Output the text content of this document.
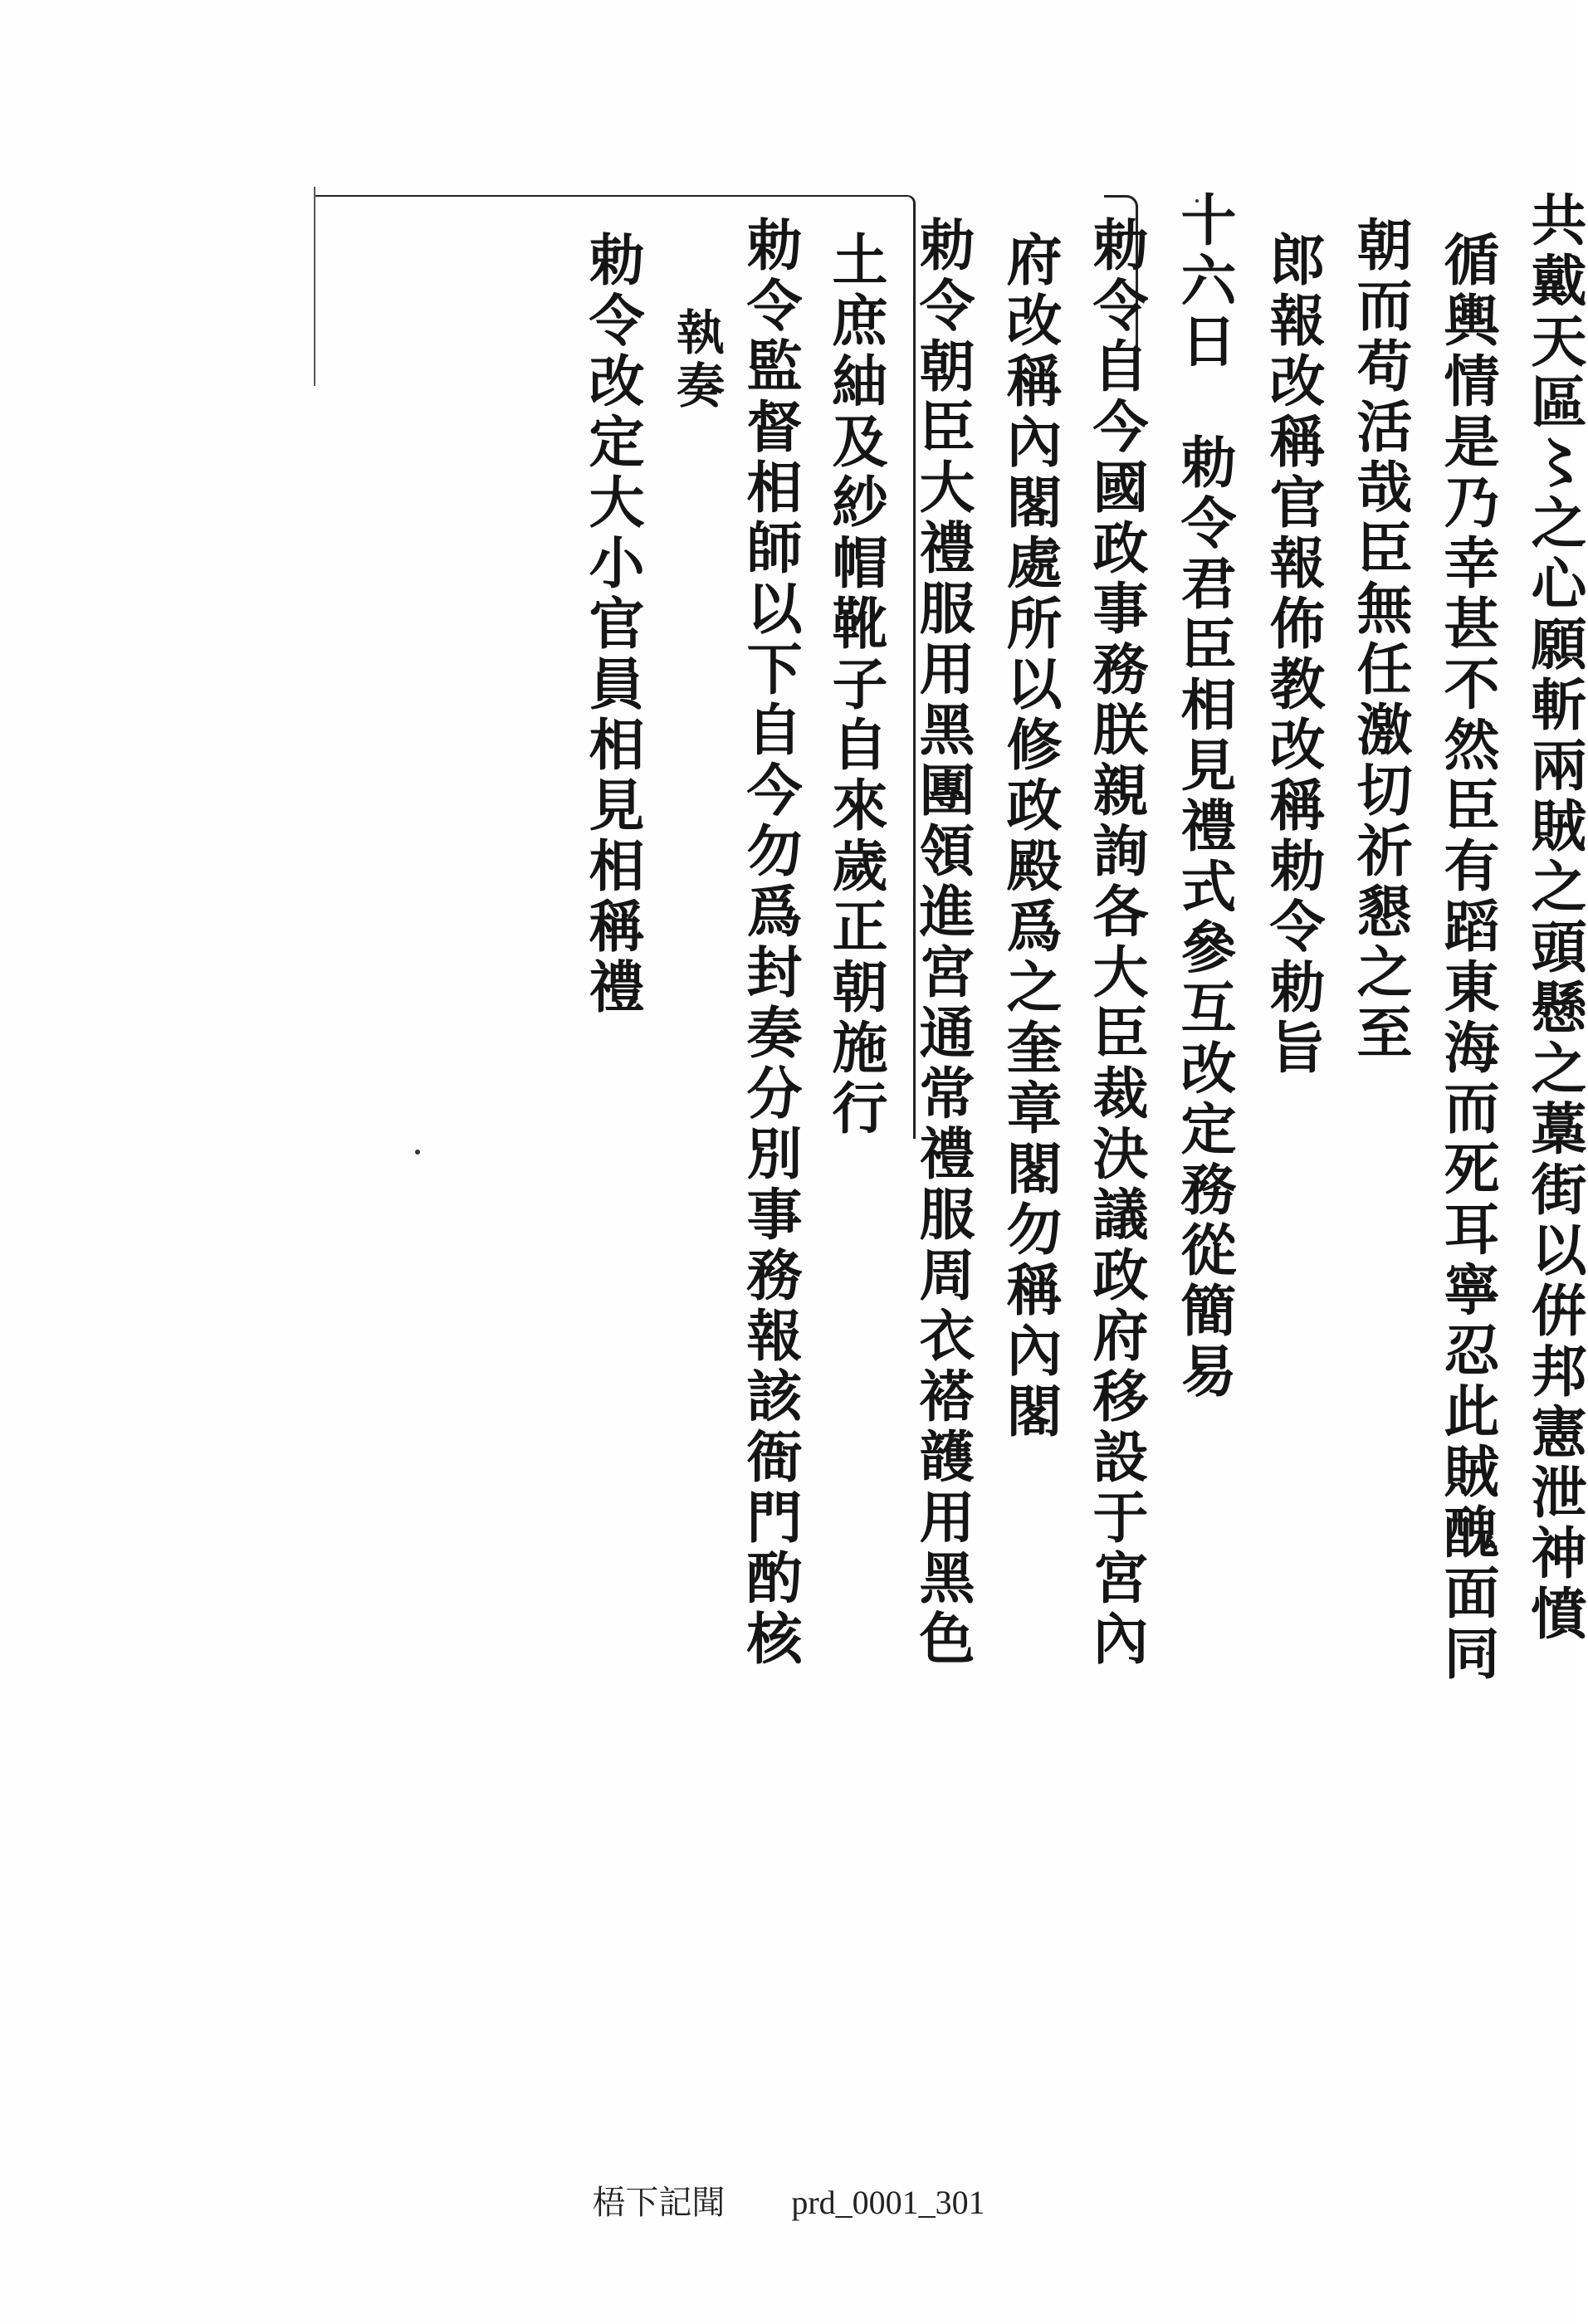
共戴天區〻之心願斬兩賊之頭懸之藁街以倂邦憲泄神憤
循輿情是乃幸甚不然臣有蹈東海而死耳寧忍此賊醜面同
朝而苟活哉臣無任激切祈懇之至
郎報改稱官報佈教改稱勅令勅旨
十六日　勅令君臣相見禮式參互改定務從簡易
勅令自今國政事務朕親詢各大臣裁決議政府移設于宮內
府改稱內閣處所以修政殿爲之奎章閣勿稱內閣
勅令朝臣大禮服用黑團領進宮通常禮服周衣褡頀用黑色
土庶紬及紗帽靴子自來歲正朝施行
勅令監督相師以下自今勿爲封奏分別事務報該衙門酌核
執奏
勅令改定大小官員相見相稱禮
梧下記聞 prd_0001_301
